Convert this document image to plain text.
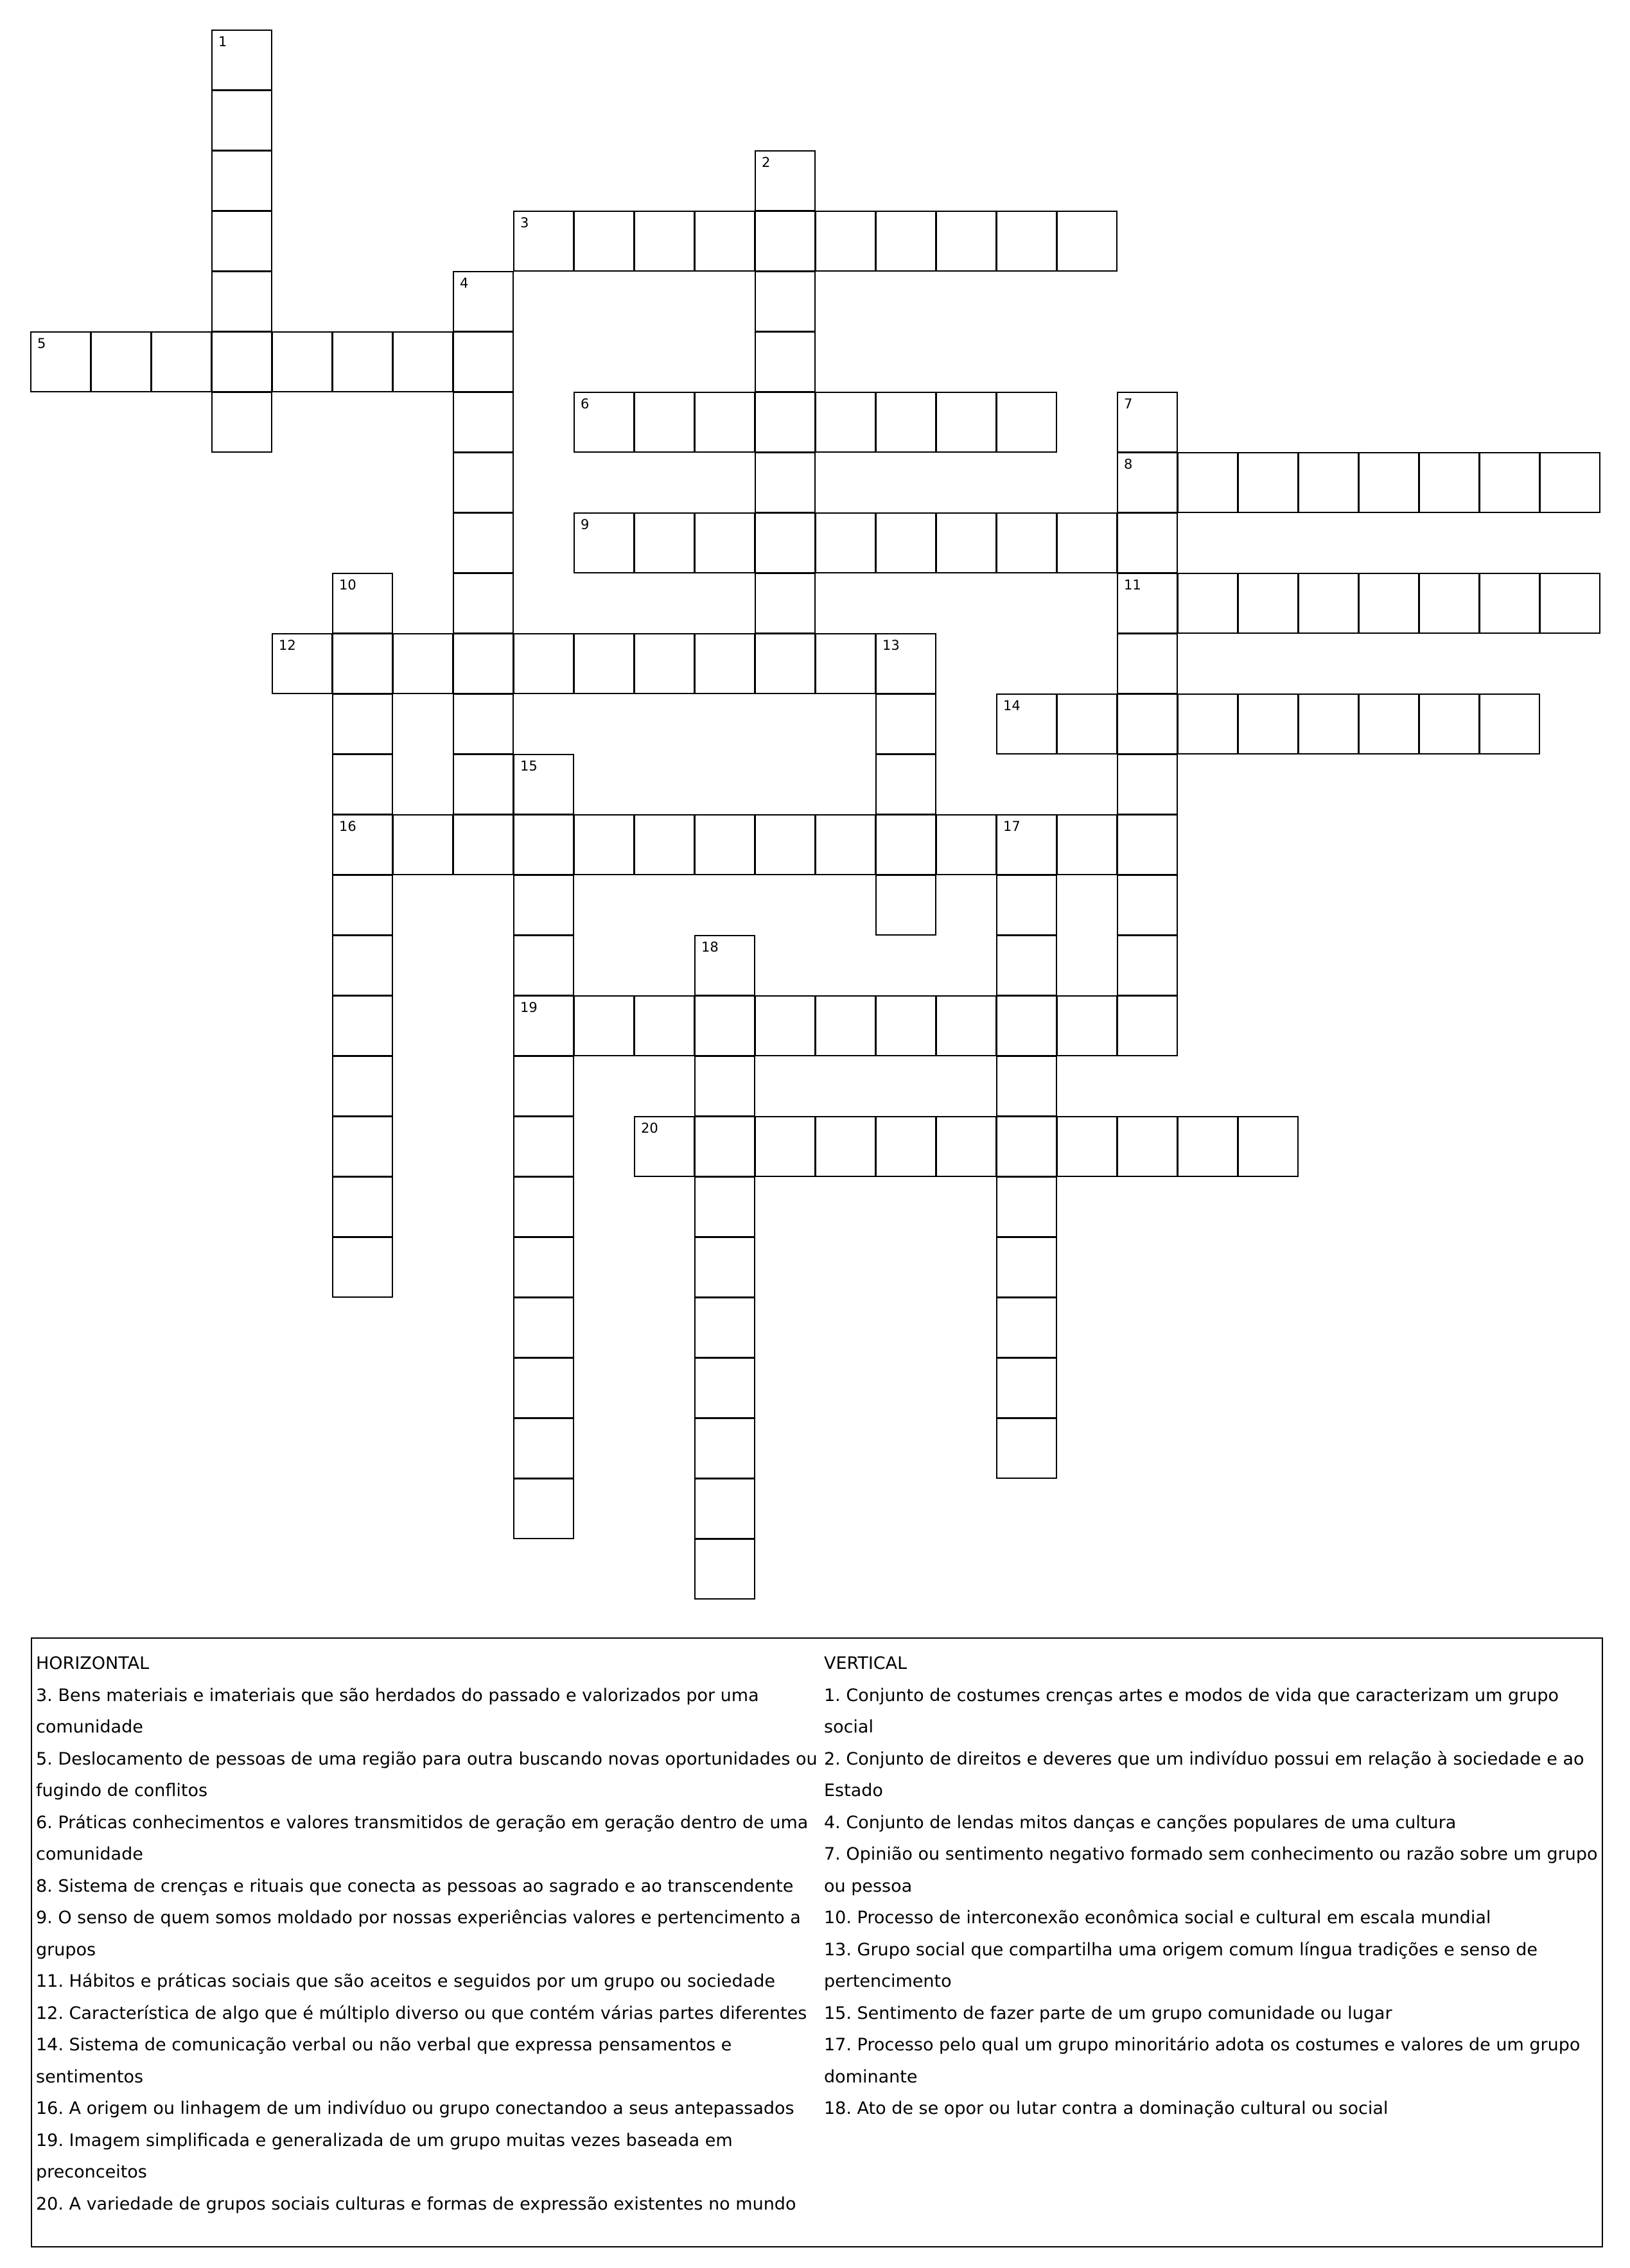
1
2
3
4
5
6	7
8
11
9
10
16
12	13
14
15
19
17
18
20
HORIZONTAL
3. Bens materiais e imateriais que são herdados do passado e valorizados por uma comunidade
5. Deslocamento de pessoas de uma região para outra buscando novas oportunidades ou fugindo de conflitos
6. Práticas conhecimentos e valores transmitidos de geração em geração dentro de uma comunidade
8. Sistema de crenças e rituais que conecta as pessoas ao sagrado e ao transcendente
9. O senso de quem somos moldado por nossas experiências valores e pertencimento a grupos
11. Hábitos e práticas sociais que são aceitos e seguidos por um grupo ou sociedade
12. Característica de algo que é múltiplo diverso ou que contém várias partes diferentes
14. Sistema de comunicação verbal ou não verbal que expressa pensamentos e sentimentos
16. A origem ou linhagem de um indivíduo ou grupo conectandoo a seus antepassados
19. Imagem simplificada e generalizada de um grupo muitas vezes baseada em preconceitos
20. A variedade de grupos sociais culturas e formas de expressão existentes no mundo
VERTICAL
1. Conjunto de costumes crenças artes e modos de vida que caracterizam um grupo social
2. Conjunto de direitos e deveres que um indivíduo possui em relação à sociedade e ao Estado
4. Conjunto de lendas mitos danças e canções populares de uma cultura
7. Opinião ou sentimento negativo formado sem conhecimento ou razão sobre um grupo ou pessoa
10. Processo de interconexão econômica social e cultural em escala mundial
13. Grupo social que compartilha uma origem comum língua tradições e senso de pertencimento
15. Sentimento de fazer parte de um grupo comunidade ou lugar
17. Processo pelo qual um grupo minoritário adota os costumes e valores de um grupo dominante
18. Ato de se opor ou lutar contra a dominação cultural ou social
